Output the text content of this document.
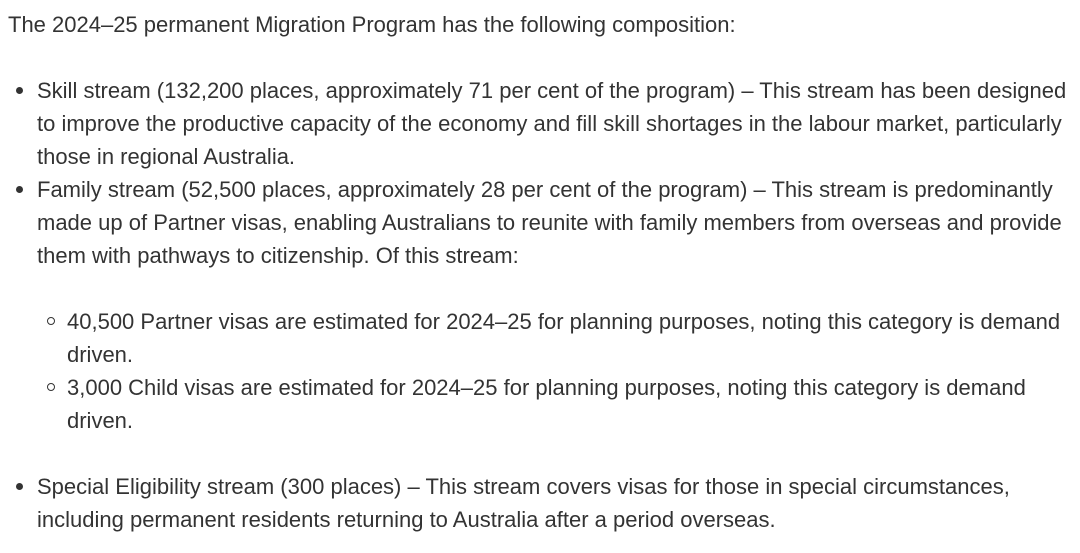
The 2024–25 permanent Migration Program has the following composition:

Skill stream (132,200 places, approximately 71 per cent of the program) – This stream has been designed to improve the productive capacity of the economy and fill skill shortages in the labour market, particularly those in regional Australia.
Family stream (52,500 places, approximately 28 per cent of the program) – This stream is predominantly made up of Partner visas, enabling Australians to reunite with family members from overseas and provide them with pathways to citizenship. Of this stream:
40,500 Partner visas are estimated for 2024–25 for planning purposes, noting this category is demand driven.
3,000 Child visas are estimated for 2024–25 for planning purposes, noting this category is demand driven.
Special Eligibility stream (300 places) – This stream covers visas for those in special circumstances, including permanent residents returning to Australia after a period overseas.
